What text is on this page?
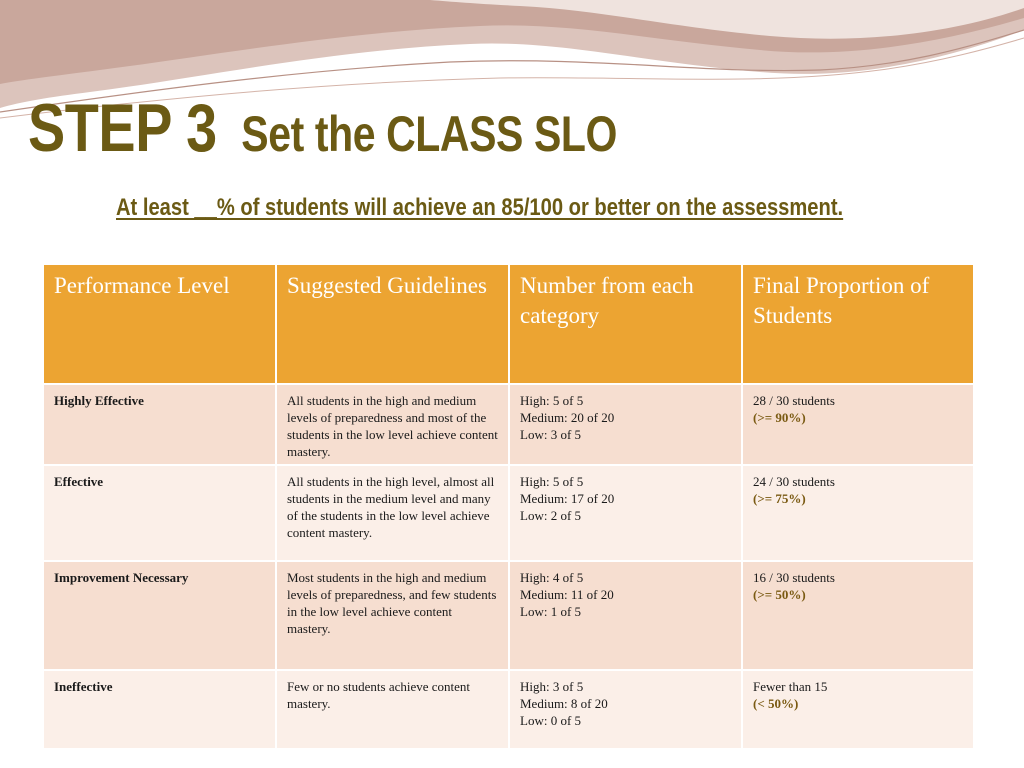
STEP 3 Set the CLASS SLO

At least __% of students will achieve an 85/100 or better on the assessment.

Performance Level	Suggested Guidelines	Number from each category	Final Proportion of Students
Highly Effective	All students in the high and medium levels of preparedness and most of the students in the low level achieve content mastery.	High: 5 of 5
Medium: 20 of 20
Low: 3 of 5	28 / 30 students
(>= 90%)

Effective	All students in the high level, almost all students in the medium level and many of the students in the low level achieve content mastery.	High: 5 of 5
Medium: 17 of 20
Low: 2 of 5	24 / 30 students
(>= 75%)

Improvement Necessary	Most students in the high and medium levels of preparedness, and few students in the low level achieve content mastery.	High: 4 of 5
Medium: 11 of 20
Low: 1 of 5	16 / 30 students
(>= 50%)

Ineffective	Few or no students achieve content mastery.	High: 3 of 5
Medium: 8 of 20
Low: 0 of 5	Fewer than 15
(< 50%)
